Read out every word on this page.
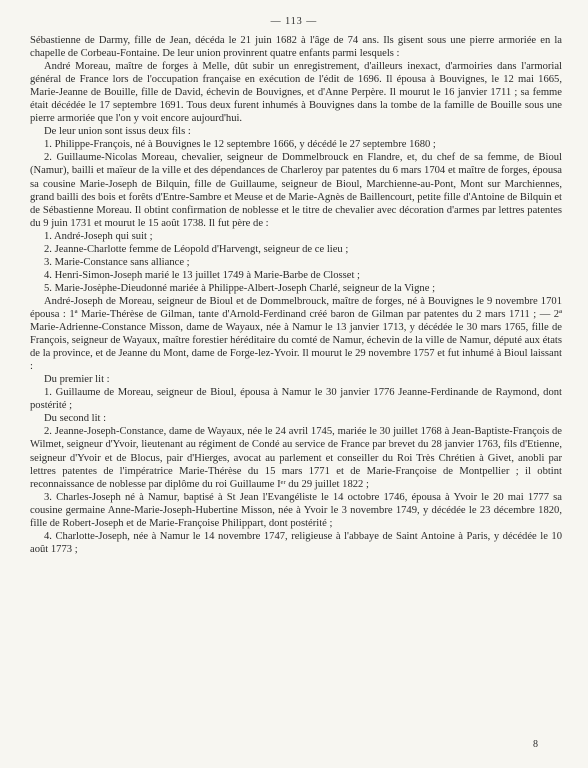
— 113 —

Sébastienne de Darmy, fille de Jean, décéda le 21 juin 1682 à l'âge de 74 ans. Ils gisent sous une pierre armoriée en la chapelle de Corbeau-Fontaine. De leur union provinrent quatre enfants parmi lesquels :

André Moreau, maître de forges à Melle, dût subir un enregistrement, d'ailleurs inexact, d'armoiries dans l'armorial général de France lors de l'occupation française en exécution de l'édit de 1696. Il épousa à Bouvignes, le 12 mai 1665, Marie-Jeanne de Bouille, fille de David, échevin de Bouvignes, et d'Anne Perpère. Il mourut le 16 janvier 1711 ; sa femme était décédée le 17 septembre 1691. Tous deux furent inhumés à Bouvignes dans la tombe de la famille de Bouille sous une pierre armoriée que l'on y voit encore aujourd'hui.

De leur union sont issus deux fils :

1. Philippe-François, né à Bouvignes le 12 septembre 1666, y décédé le 27 septembre 1680 ;

2. Guillaume-Nicolas Moreau, chevalier, seigneur de Dommelbrouck en Flandre, et, du chef de sa femme, de Bioul (Namur), bailli et maïeur de la ville et des dépendances de Charleroy par patentes du 6 mars 1704 et maître de forges, épousa sa cousine Marie-Joseph de Bilquin, fille de Guillaume, seigneur de Bioul, Marchienne-au-Pont, Mont sur Marchiennes, grand bailli des bois et forêts d'Entre-Sambre et Meuse et de Marie-Agnès de Baillencourt, petite fille d'Antoine de Bilquin et de Sébastienne Moreau. Il obtint confirmation de noblesse et le titre de chevalier avec décoration d'armes par lettres patentes du 9 juin 1731 et mourut le 15 août 1738. Il fut père de :

1. André-Joseph qui suit ;

2. Jeanne-Charlotte femme de Léopold d'Harvengt, seigneur de ce lieu ;

3. Marie-Constance sans alliance ;

4. Henri-Simon-Joseph marié le 13 juillet 1749 à Marie-Barbe de Closset ;

5. Marie-Josèphe-Dieudonné mariée à Philippe-Albert-Joseph Charlé, seigneur de la Vigne ;

André-Joseph de Moreau, seigneur de Bioul et de Dommelbrouck, maître de forges, né à Bouvignes le 9 novembre 1701 épousa : 1ª Marie-Thérèse de Gilman, tante d'Arnold-Ferdinand créé baron de Gilman par patentes du 2 mars 1711 ; — 2ª Marie-Adrienne-Constance Misson, dame de Wayaux, née à Namur le 13 janvier 1713, y décédée le 30 mars 1765, fille de François, seigneur de Wayaux, maître forestier héréditaire du comté de Namur, échevin de la ville de Namur, député aux états de la province, et de Jeanne du Mont, dame de Forge-lez-Yvoir. Il mourut le 29 novembre 1757 et fut inhumé à Bioul laissant :

Du premier lit :

1. Guillaume de Moreau, seigneur de Bioul, épousa à Namur le 30 janvier 1776 Jeanne-Ferdinande de Raymond, dont postérité ;

Du second lit :

2. Jeanne-Joseph-Constance, dame de Wayaux, née le 24 avril 1745, mariée le 30 juillet 1768 à Jean-Baptiste-François de Wilmet, seigneur d'Yvoir, lieutenant au régiment de Condé au service de France par brevet du 28 janvier 1763, fils d'Etienne, seigneur d'Yvoir et de Blocus, pair d'Hierges, avocat au parlement et conseiller du Roi Très Chrétien à Givet, anobli par lettres patentes de l'impératrice Marie-Thérèse du 15 mars 1771 et de Marie-Françoise de Montpellier ; il obtint reconnaissance de noblesse par diplôme du roi Guillaume Iᵉʳ du 29 juillet 1822 ;

3. Charles-Joseph né à Namur, baptisé à St Jean l'Evangéliste le 14 octobre 1746, épousa à Yvoir le 20 mai 1777 sa cousine germaine Anne-Marie-Joseph-Hubertine Misson, née à Yvoir le 3 novembre 1749, y décédée le 23 décembre 1820, fille de Robert-Joseph et de Marie-Françoise Philippart, dont postérité ;

4. Charlotte-Joseph, née à Namur le 14 novembre 1747, religieuse à l'abbaye de Saint Antoine à Paris, y décédée le 10 août 1773 ;

8
